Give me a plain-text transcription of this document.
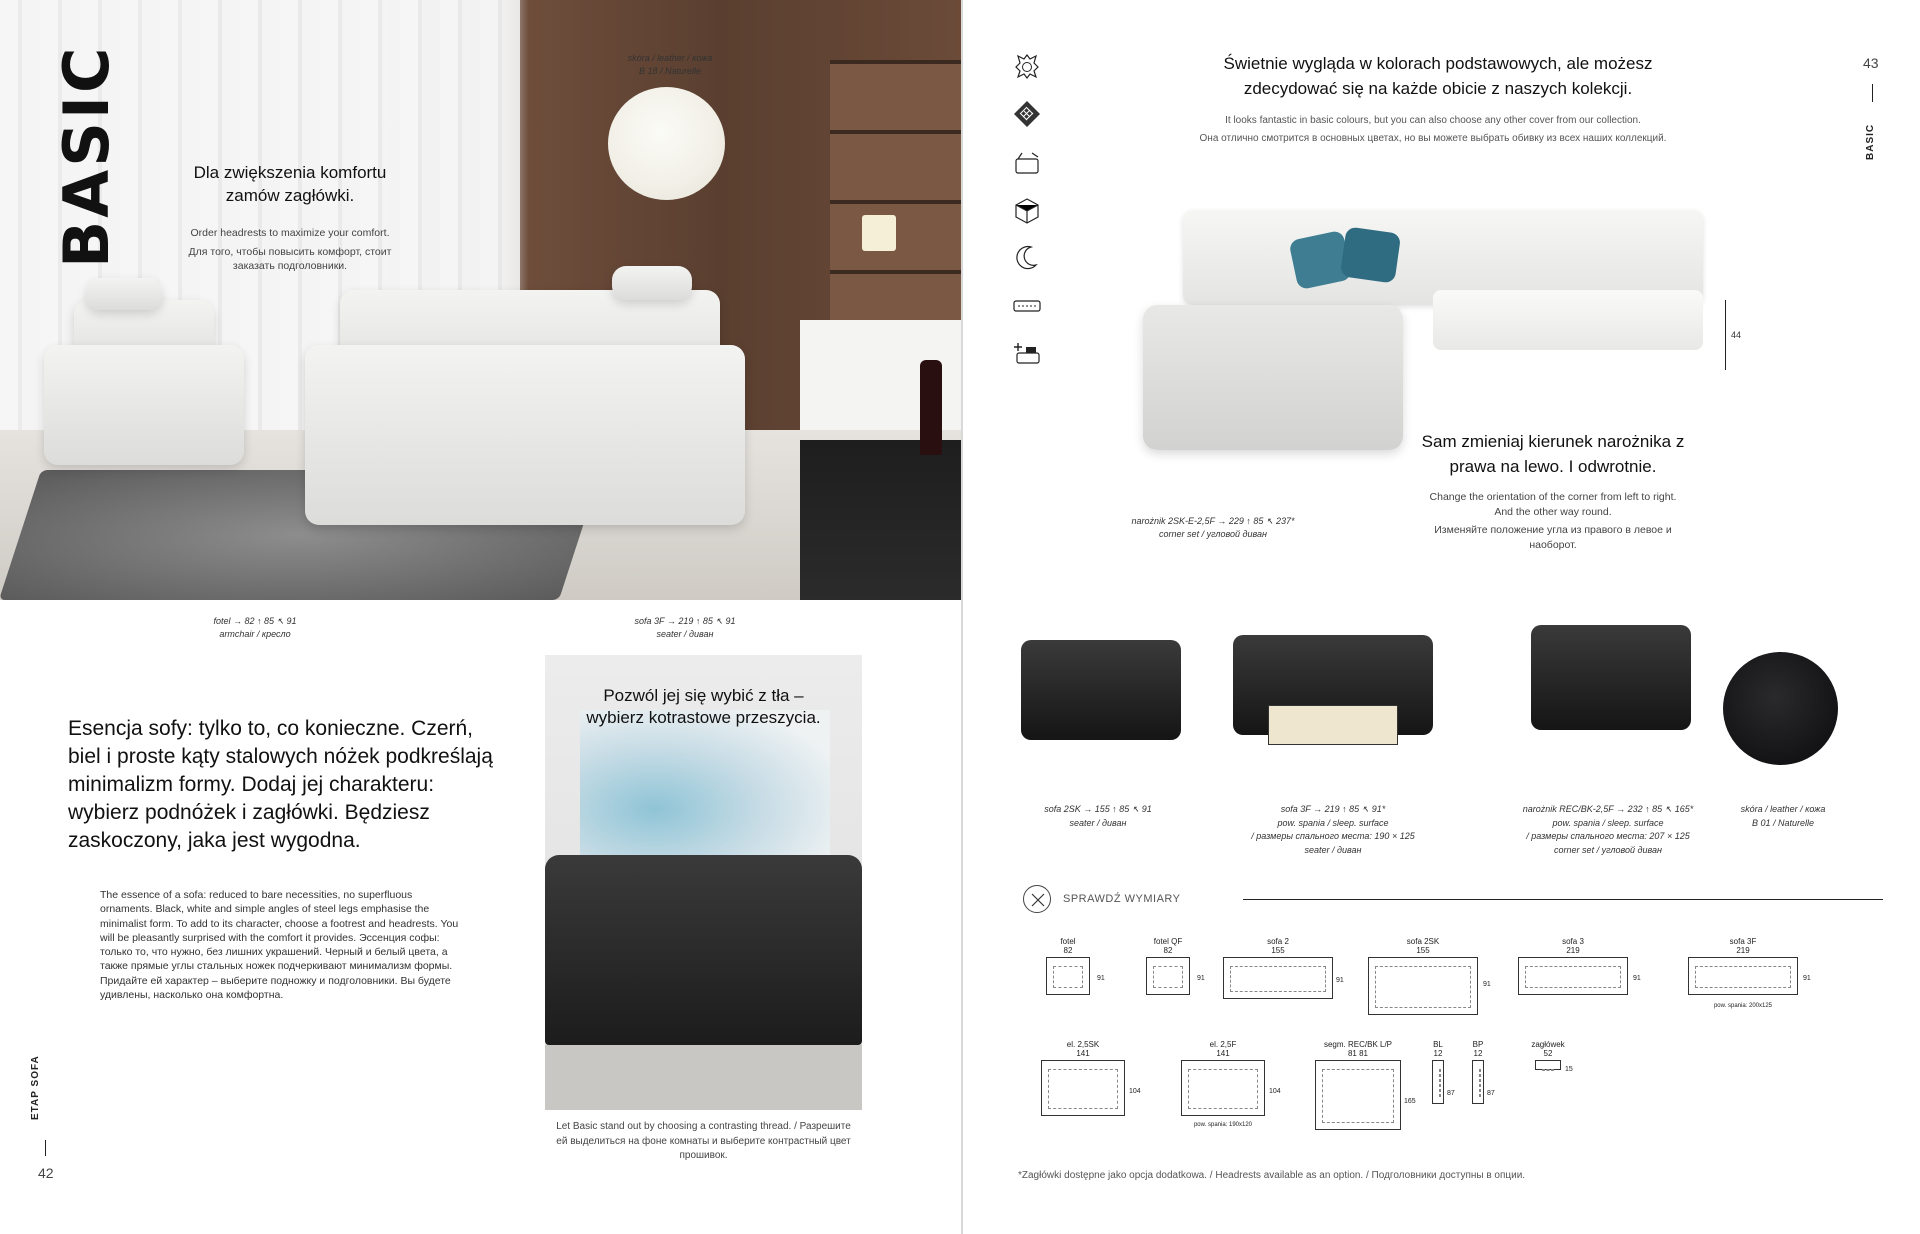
BASIC	skóra / leather / кожа
B 18 / Naturelle
Dla zwiększenia komfortu zamów zagłówki.
Order headrests to maximize your comfort.
Для того, чтобы повысить комфорт, стоит заказать подголовники.
fotel → 82 ↑ 85 ↖ 91
armchair / кресло
sofa 3F → 219 ↑ 85 ↖ 91
seater / диван
Esencja sofy: tylko to, co konieczne. Czerń, biel i proste kąty stalowych nóżek podkreślają minimalizm formy. Dodaj jej charakteru: wybierz podnóżek i zagłówki. Będziesz zaskoczony, jaka jest wygodna.
The essence of a sofa: reduced to bare necessities, no superfluous ornaments. Black, white and simple angles of steel legs emphasise the minimalist form. To add to its character, choose a footrest and headrests. You will be pleasantly surprised with the comfort it provides. Эссенция софы: только то, что нужно, без лишних украшений. Черный и белый цвета, а также прямые углы стальных ножек подчеркивают минимализм формы. Придайте ей характер – выберите подножку и подголовники. Вы будете удивлены, насколько она комфортна.
Pozwól jej się wybić z tła – wybierz kotrastowe przeszycia.
Let Basic stand out by choosing a contrasting thread. / Разрешите ей выделиться на фоне комнаты и выберите контрастный цвет прошивок.
ETAP SOFA
42
43
BASIC
Świetnie wygląda w kolorach podstawowych, ale możesz zdecydować się na każde obicie z naszych kolekcji.
It looks fantastic in basic colours, but you can also choose any other cover from our collection.
Она отлично смотрится в основных цветах, но вы можете выбрать обивку из всех наших коллекций.
44
narożnik 2SK-E-2,5F → 229 ↑ 85 ↖ 237*
corner set / угловой диван
Sam zmieniaj kierunek narożnika z prawa na lewo. I odwrotnie.
Change the orientation of the corner from left to right. And the other way round.
Изменяйте положение угла из правого в левое и наоборот.
sofa 2SK → 155 ↑ 85 ↖ 91
seater / диван
sofa 3F → 219 ↑ 85 ↖ 91*
pow. spania / sleep. surface
/ размеры спального места: 190 × 125
seater / диван
narożnik REC/BK-2,5F → 232 ↑ 85 ↖ 165*
pow. spania / sleep. surface
/ размеры спального места: 207 × 125
corner set / угловой диван
skóra / leather / кожа
B 01 / Naturelle
SPRAWDŹ WYMIARY
fotel
82
91
fotel QF
82
91
sofa 2
155
91
sofa 2SK
155
91
sofa 3
219
91
sofa 3F
219
91
pow. spania: 200x125
el. 2,5SK
141
104
el. 2,5F
141
104
pow. spania: 190x120
segm. REC/BK L/P
81 81
165
BL
12
87
BP
12
87
zagłówek
52
15
*Zagłówki dostępne jako opcja dodatkowa. / Headrests available as an option. / Подголовники доступны в опции.
